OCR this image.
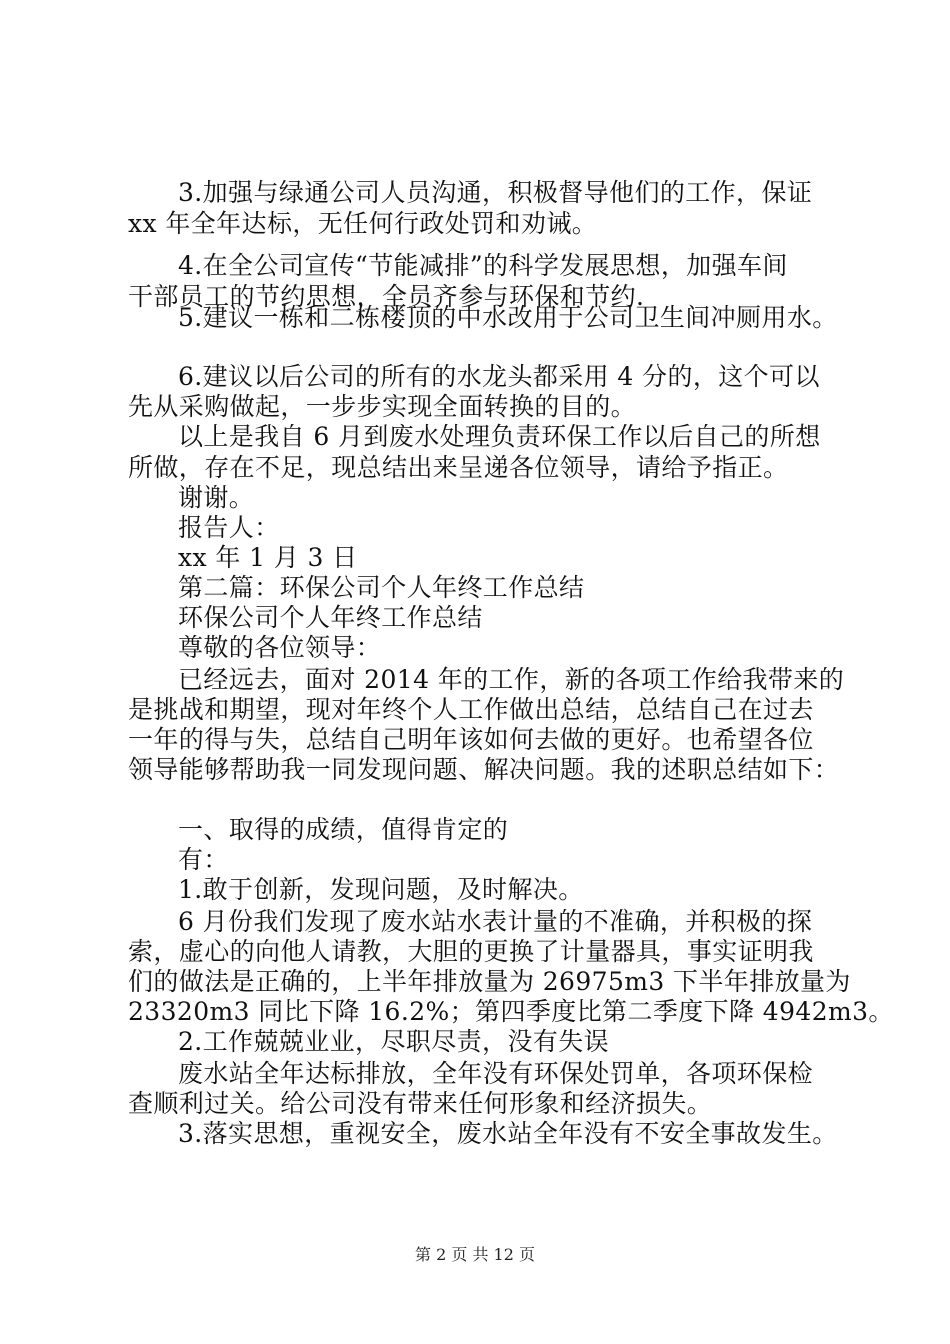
3.加强与绿通公司人员沟通，积极督导他们的工作，保证
xx 年全年达标，无任何行政处罚和劝诫。
4.在全公司宣传“节能减排”的科学发展思想，加强车间
干部员工的节约思想，全员齐参与环保和节约.
5.建议一栋和二栋楼顶的中水改用于公司卫生间冲厕用水。
6.建议以后公司的所有的水龙头都采用 4 分的，这个可以
先从采购做起，一步步实现全面转换的目的。
以上是我自 6 月到废水处理负责环保工作以后自己的所想
所做，存在不足，现总结出来呈递各位领导，请给予指正。
谢谢。
报告人：
xx 年 1 月 3 日
第二篇：环保公司个人年终工作总结
环保公司个人年终工作总结
尊敬的各位领导：
已经远去，面对 2014 年的工作，新的各项工作给我带来的
是挑战和期望，现对年终个人工作做出总结，总结自己在过去
一年的得与失，总结自己明年该如何去做的更好。也希望各位
领导能够帮助我一同发现问题、解决问题。我的述职总结如下：
一、取得的成绩，值得肯定的
有：
1.敢于创新，发现问题，及时解决。
6 月份我们发现了废水站水表计量的不准确，并积极的探
索，虚心的向他人请教，大胆的更换了计量器具，事实证明我
们的做法是正确的，上半年排放量为 26975m3 下半年排放量为
23320m3 同比下降 16.2%；第四季度比第二季度下降 4942m3。
2.工作兢兢业业，尽职尽责，没有失误
废水站全年达标排放，全年没有环保处罚单，各项环保检
查顺利过关。给公司没有带来任何形象和经济损失。
3.落实思想，重视安全，废水站全年没有不安全事故发生。
第 2 页 共 12 页
